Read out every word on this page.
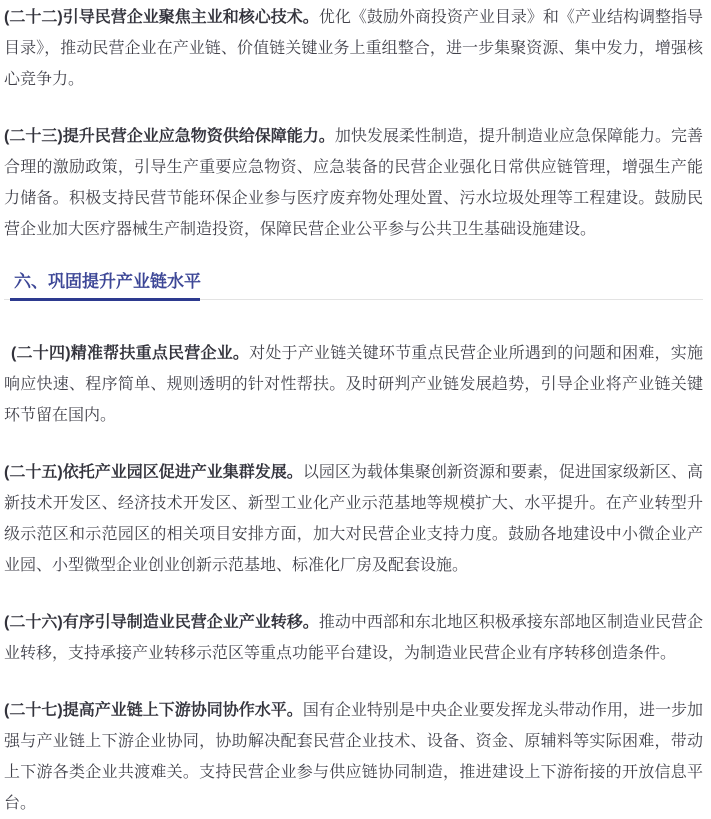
(二十二)引导民营企业聚焦主业和核心技术。优化《鼓励外商投资产业目录》和《产业结构调整指导目录》，推动民营企业在产业链、价值链关键业务上重组整合，进一步集聚资源、集中发力，增强核心竞争力。

(二十三)提升民营企业应急物资供给保障能力。加快发展柔性制造，提升制造业应急保障能力。完善合理的激励政策，引导生产重要应急物资、应急装备的民营企业强化日常供应链管理，增强生产能力储备。积极支持民营节能环保企业参与医疗废弃物处理处置、污水垃圾处理等工程建设。鼓励民营企业加大医疗器械生产制造投资，保障民营企业公平参与公共卫生基础设施建设。

六、巩固提升产业链水平

(二十四)精准帮扶重点民营企业。对处于产业链关键环节重点民营企业所遇到的问题和困难，实施响应快速、程序简单、规则透明的针对性帮扶。及时研判产业链发展趋势，引导企业将产业链关键环节留在国内。

(二十五)依托产业园区促进产业集群发展。以园区为载体集聚创新资源和要素，促进国家级新区、高新技术开发区、经济技术开发区、新型工业化产业示范基地等规模扩大、水平提升。在产业转型升级示范区和示范园区的相关项目安排方面，加大对民营企业支持力度。鼓励各地建设中小微企业产业园、小型微型企业创业创新示范基地、标准化厂房及配套设施。

(二十六)有序引导制造业民营企业产业转移。推动中西部和东北地区积极承接东部地区制造业民营企业转移，支持承接产业转移示范区等重点功能平台建设，为制造业民营企业有序转移创造条件。

(二十七)提高产业链上下游协同协作水平。国有企业特别是中央企业要发挥龙头带动作用，进一步加强与产业链上下游企业协同，协助解决配套民营企业技术、设备、资金、原辅料等实际困难，带动上下游各类企业共渡难关。支持民营企业参与供应链协同制造，推进建设上下游衔接的开放信息平台。
